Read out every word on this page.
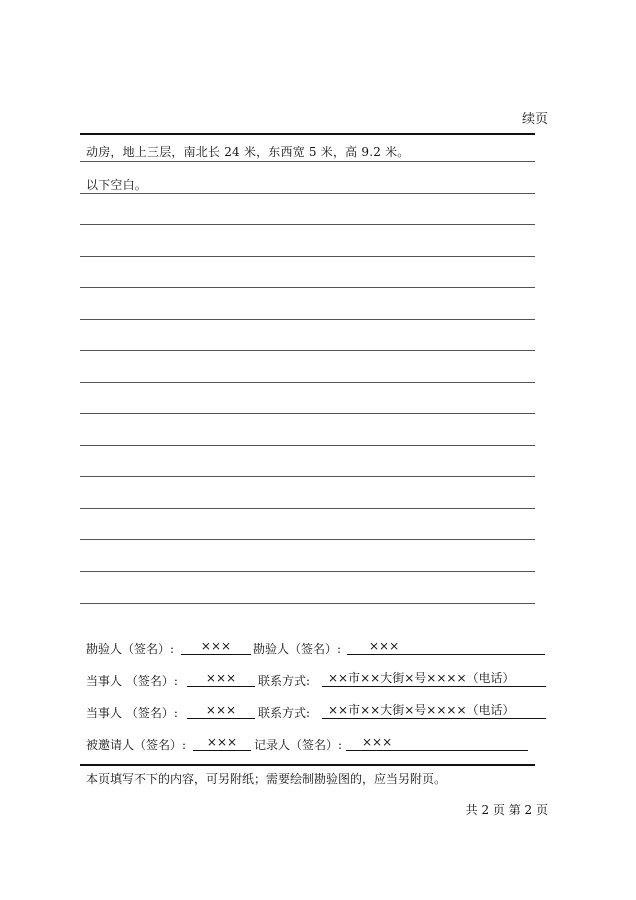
续页
动房，地上三层，南北长 24 米，东西宽 5 米，高 9.2 米。
以下空白。
勘验人（签名）:	×××	勘验人（签名）:	×××
当事人 （签名）:	×××	联系方式:	××市××大街×号××××（电话）
当事人 （签名）:	×××	联系方式:	××市××大街×号××××（电话）
被邀请人（签名）:	×××	记录人（签名）:	×××
本页填写不下的内容，可另附纸；需要绘制勘验图的，应当另附页。
共 2 页 第 2 页
